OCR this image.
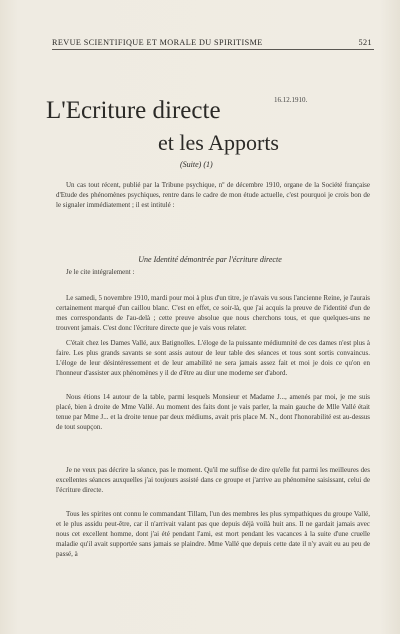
REVUE SCIENTIFIQUE ET MORALE DU SPIRITISME	521
16.12.1910.
L'Ecriture directe
et les Apports
(Suite) (1)
Un cas tout récent, publié par la Tribune psychique, nº de décembre 1910, organe de la Société française d'Etude des phénomènes psychiques, rentre dans le cadre de mon étude actuelle, c'est pourquoi je crois bon de le signaler immédiatement ; il est intitulé :
Une Identité démontrée par l'écriture directe
Je le cite intégralement :
Le samedi, 5 novembre 1910, mardi pour moi à plus d'un titre, je n'avais vu sous l'ancienne Reine, je l'aurais certainement marqué d'un caillou blanc. C'est en effet, ce soir-là, que j'ai acquis la preuve de l'identité d'un de mes correspondants de l'au-delà ; cette preuve absolue que nous cherchons tous, et que quelques-uns ne trouvent jamais. C'est donc l'écriture directe que je vais vous relater.
C'était chez les Dames Vallé, aux Batignolles. L'éloge de la puissante médiumnité de ces dames n'est plus à faire. Les plus grands savants se sont assis autour de leur table des séances et tous sont sortis convaincus. L'éloge de leur désintéressement et de leur amabilité ne sera jamais assez fait et moi je dois ce qu'on en l'honneur d'assister aux phénomènes y il de d'être au diur une modeme ser d'abord.
Nous étions 14 autour de la table, parmi lesquels Monsieur et Madame J..., amenés par moi, je me suis placé, bien à droite de Mme Vallé. Au moment des faits dont je vais parler, la main gauche de Mlle Vallé était tenue par Mme J... et la droite tenue par deux médiums, avait pris place M. N., dont l'honorabilité est au-dessus de tout soupçon.
Je ne veux pas décrire la séance, pas le moment. Qu'il me suffise de dire qu'elle fut parmi les meilleures des excellentes séances auxquelles j'ai toujours assisté dans ce groupe et j'arrive au phénomène saisissant, celui de l'écriture directe.
Tous les spirites ont connu le commandant Tillam, l'un des membres les plus sympathiques du groupe Vallé, et le plus assidu peut-être, car il n'arrivait valant pas que depuis déjà voilà huit ans. Il ne gardait jamais avec nous cet excellent homme, dont j'ai été pendant l'ami, est mort pendant les vacances à la suite d'une cruelle maladie qu'il avait supportée sans jamais se plaindre. Mme Vallé que depuis cette date il n'y avait eu au peu de passé, à
